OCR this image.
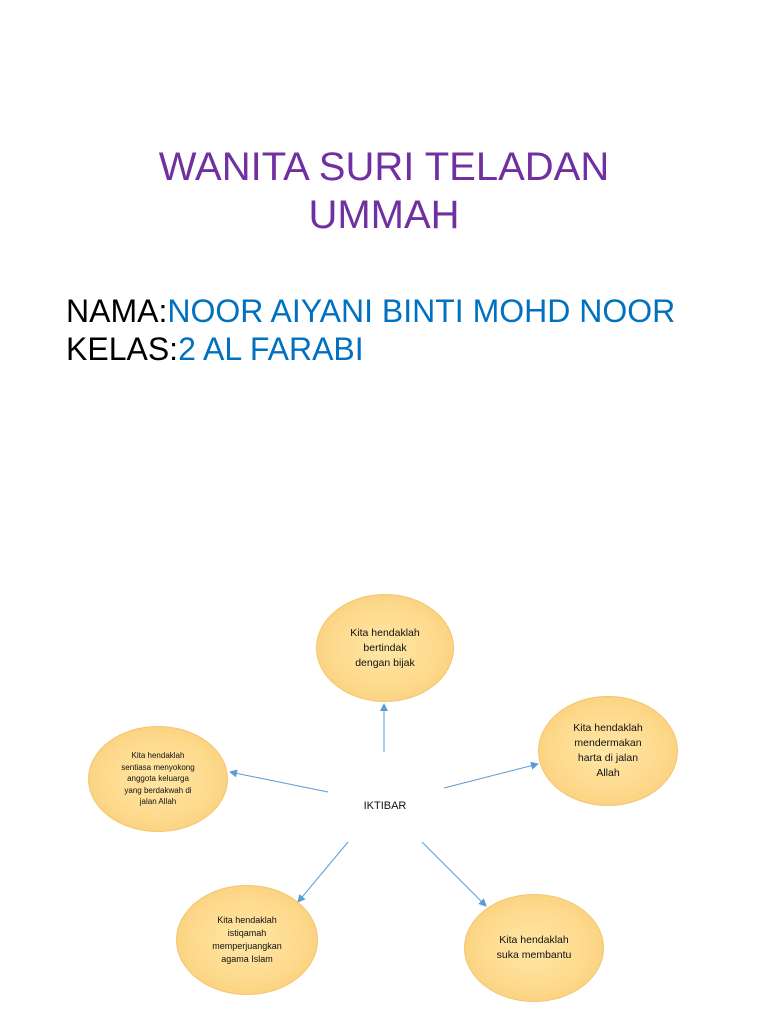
WANITA SURI TELADAN
UMMAH
NAMA:NOOR AIYANI BINTI MOHD NOOR
KELAS:2 AL FARABI
IKTIBAR
Kita hendaklah
bertindak
dengan bijak
Kita hendaklah
mendermakan
harta di jalan
Allah
Kita hendaklah
sentiasa menyokong
anggota keluarga
yang berdakwah di
jalan Allah
Kita hendaklah
istiqamah
memperjuangkan
agama Islam
Kita hendaklah
suka membantu
